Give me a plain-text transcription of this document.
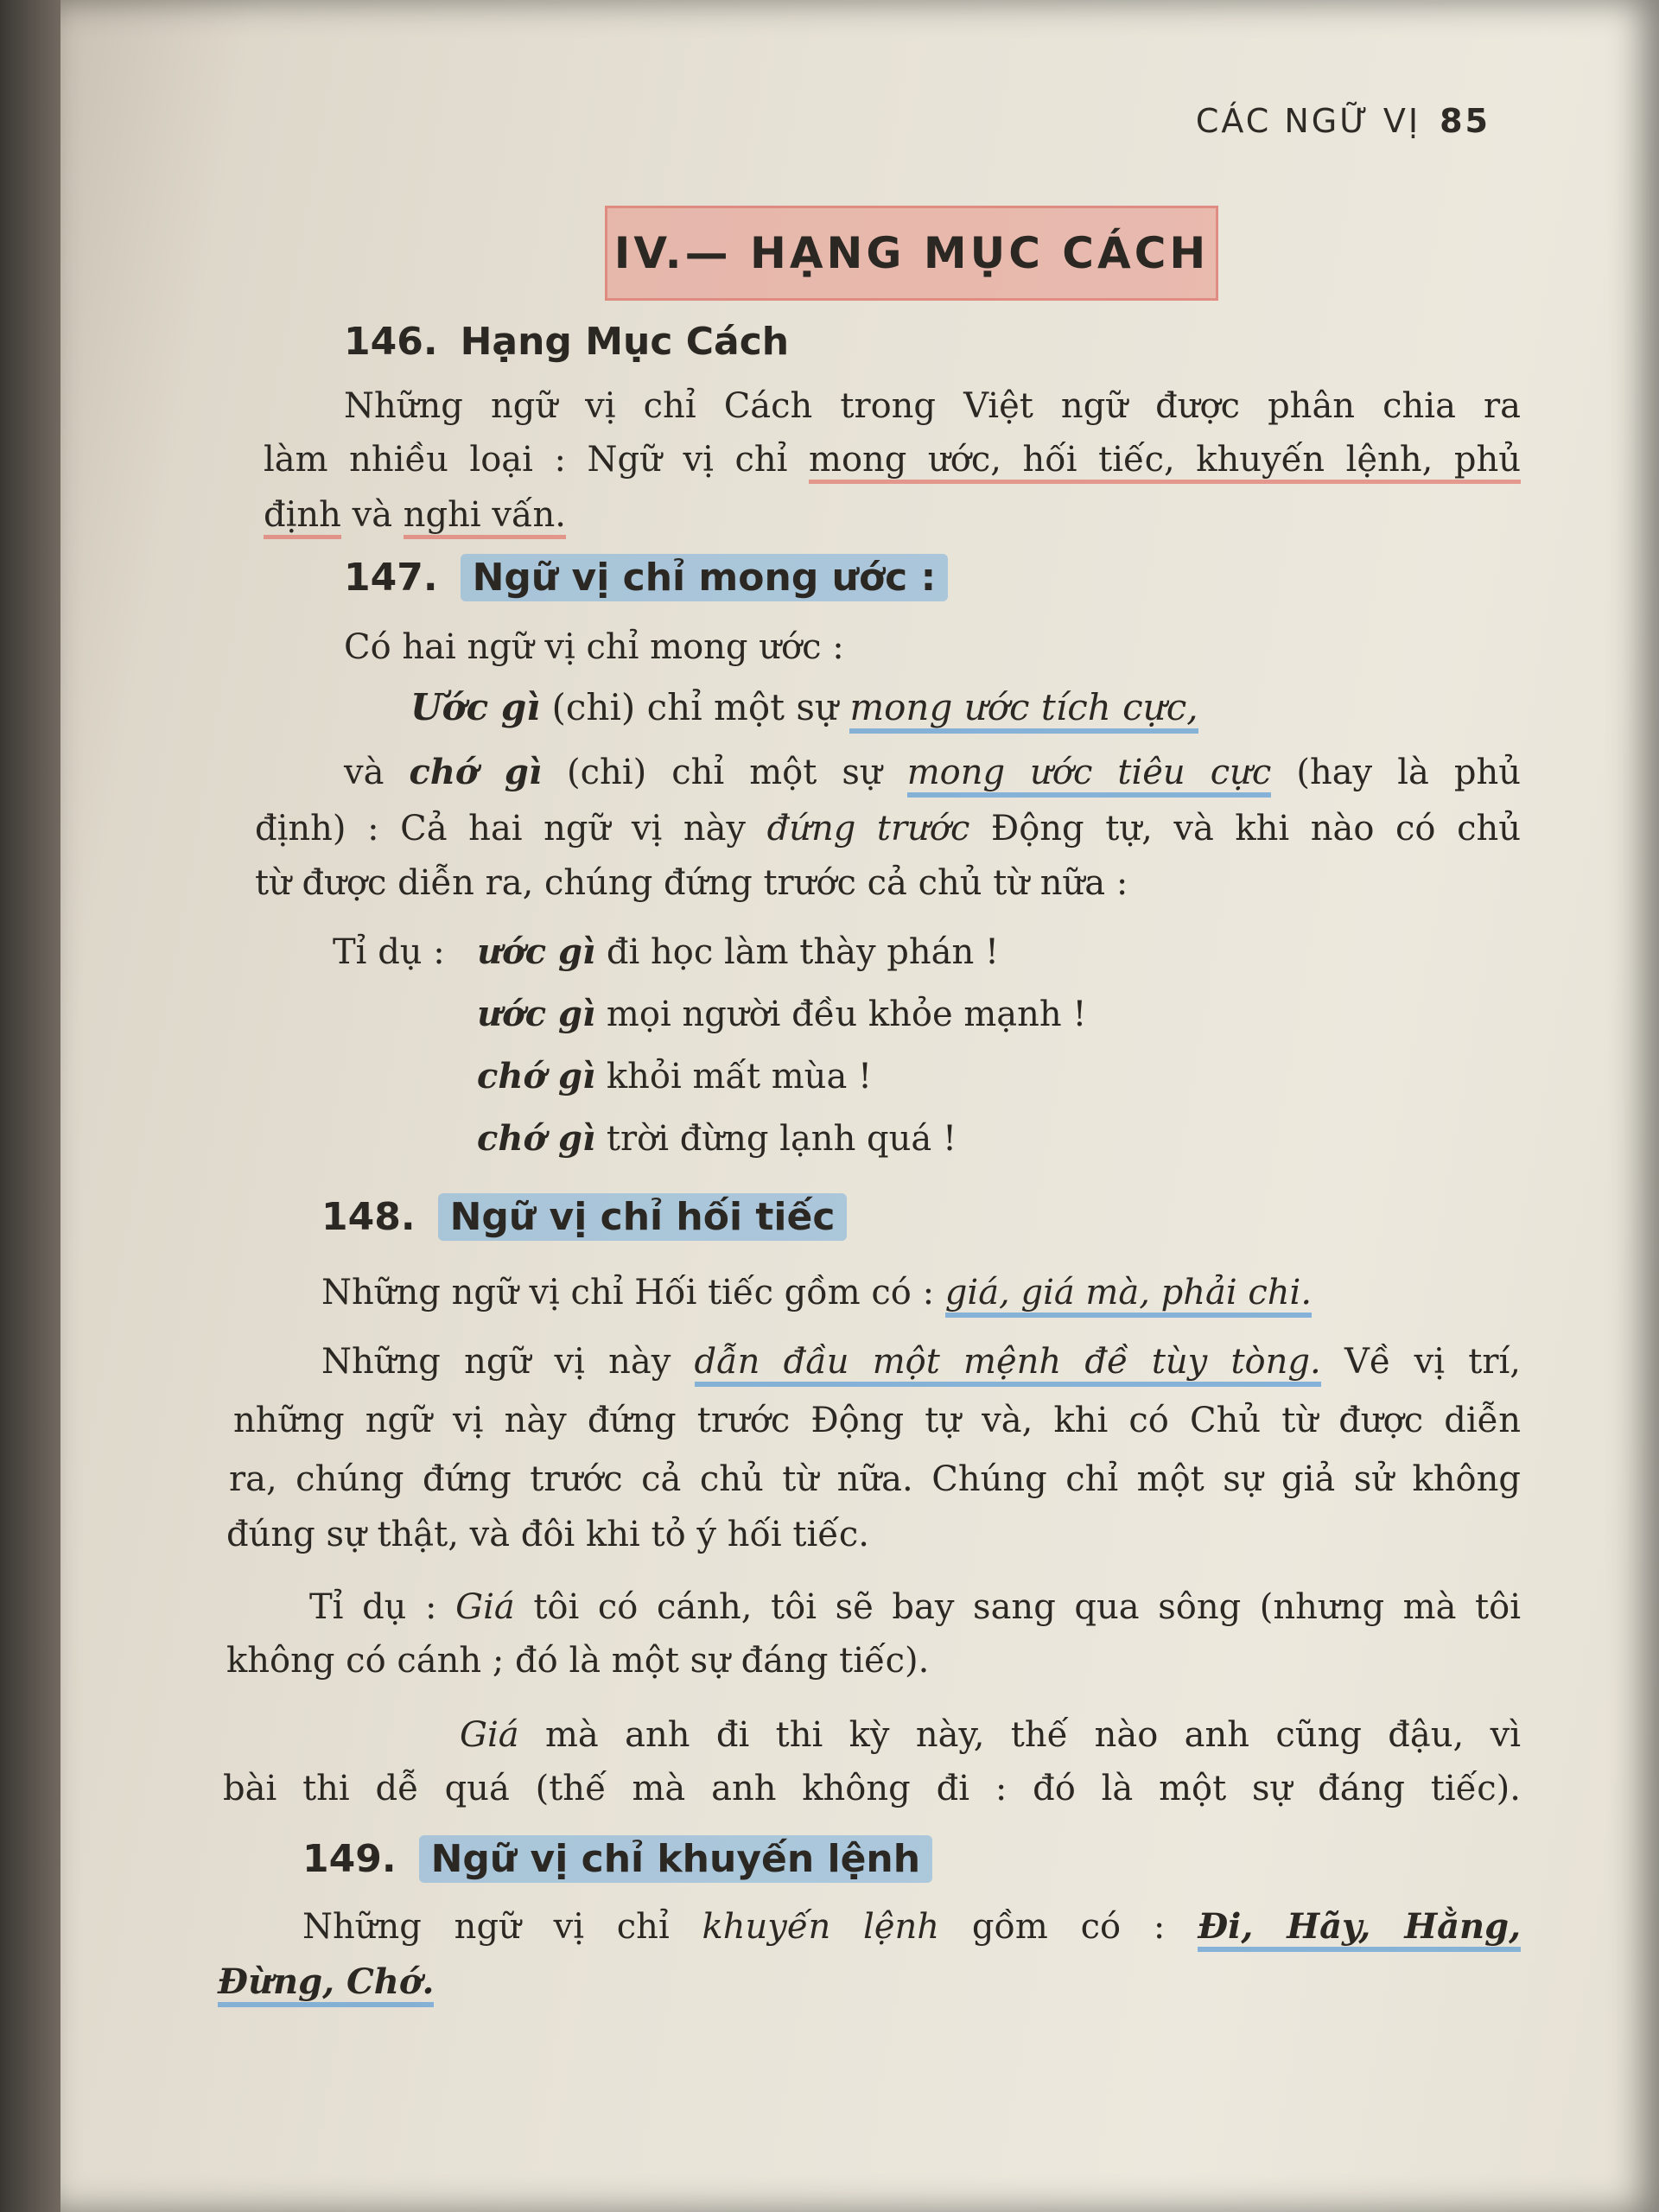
CÁC NGỮ VỊ 85
IV.— HẠNG MỤC CÁCH
146. Hạng Mục Cách
Những ngữ vị chỉ Cách trong Việt ngữ được phân chia ra
làm nhiều loại : Ngữ vị chỉ mong ước, hối tiếc, khuyến lệnh, phủ
định và nghi vấn.
147. Ngữ vị chỉ mong ước :
Có hai ngữ vị chỉ mong ước :
Ước gì (chi) chỉ một sự mong ước tích cực,
và chớ gì (chi) chỉ một sự mong ước tiêu cực (hay là phủ
định) : Cả hai ngữ vị này đứng trước Động tự, và khi nào có chủ
từ được diễn ra, chúng đứng trước cả chủ từ nữa :
Tỉ dụ : ước gì đi học làm thày phán !
ước gì mọi người đều khỏe mạnh !
chớ gì khỏi mất mùa !
chớ gì trời đừng lạnh quá !
148. Ngữ vị chỉ hối tiếc
Những ngữ vị chỉ Hối tiếc gồm có : giá, giá mà, phải chi.
Những ngữ vị này dẫn đầu một mệnh đề tùy tòng. Về vị trí,
những ngữ vị này đứng trước Động tự và, khi có Chủ từ được diễn
ra, chúng đứng trước cả chủ từ nữa. Chúng chỉ một sự giả sử không
đúng sự thật, và đôi khi tỏ ý hối tiếc.
Tỉ dụ : Giá tôi có cánh, tôi sẽ bay sang qua sông (nhưng mà tôi
không có cánh ; đó là một sự đáng tiếc).
Giá mà anh đi thi kỳ này, thế nào anh cũng đậu, vì
bài thi dễ quá (thế mà anh không đi : đó là một sự đáng tiếc).
149. Ngữ vị chỉ khuyến lệnh
Những ngữ vị chỉ khuyến lệnh gồm có : Đi, Hãy, Hằng,
Đừng, Chớ.
